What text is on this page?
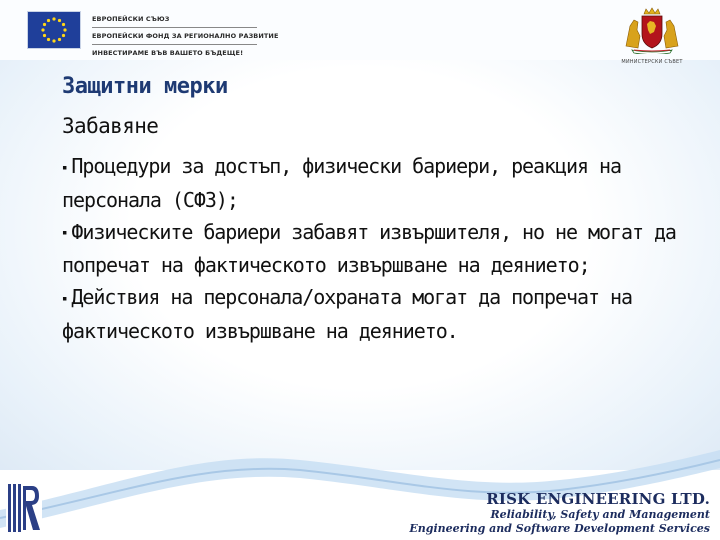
ЕВРОПЕЙСКИ СЪЮЗ
ЕВРОПЕЙСКИ ФОНД ЗА РЕГИОНАЛНО РАЗВИТИЕ
ИНВЕСТИРАМЕ ВЪВ ВАШЕТО БЪДЕЩЕ!
МИНИСТЕРСКИ СЪВЕТ
Защитни мерки
Забавяне
▪ Процедури за достъп, физически бариери, реакция на персонала (СФЗ);
▪ Физическите бариери забавят извършителя, но не могат да попречат на фактическото извършване на деянието;
▪ Действия на персонала/охраната могат да попречат на фактическото извършване на деянието.
RISK ENGINEERING LTD.
Reliability, Safety and Management
Engineering and Software Development Services
